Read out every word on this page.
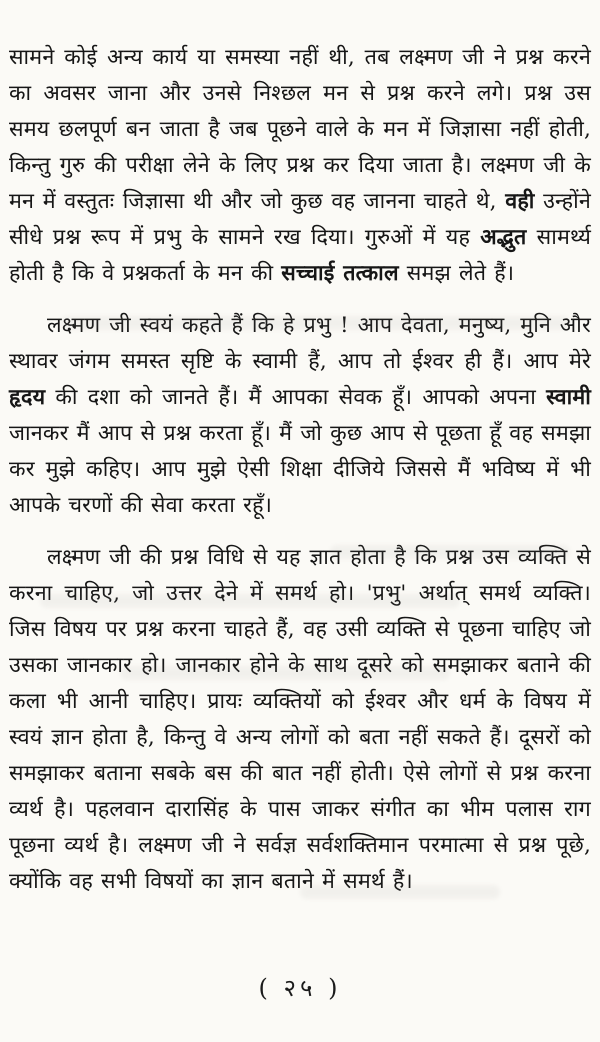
सामने कोई अन्य कार्य या समस्या नहीं थी, तब लक्ष्मण जी ने प्रश्न करने का अवसर जाना और उनसे निश्छल मन से प्रश्न करने लगे। प्रश्न उस समय छलपूर्ण बन जाता है जब पूछने वाले के मन में जिज्ञासा नहीं होती, किन्तु गुरु की परीक्षा लेने के लिए प्रश्न कर दिया जाता है। लक्ष्मण जी के मन में वस्तुतः जिज्ञासा थी और जो कुछ वह जानना चाहते थे, वही उन्होंने सीधे प्रश्न रूप में प्रभु के सामने रख दिया। गुरुओं में यह अद्भुत सामर्थ्य होती है कि वे प्रश्नकर्ता के मन की सच्चाई तत्काल समझ लेते हैं।

लक्ष्मण जी स्वयं कहते हैं कि हे प्रभु ! आप देवता, मनुष्य, मुनि और स्थावर जंगम समस्त सृष्टि के स्वामी हैं, आप तो ईश्वर ही हैं। आप मेरे हृदय की दशा को जानते हैं। मैं आपका सेवक हूँ। आपको अपना स्वामी जानकर मैं आप से प्रश्न करता हूँ। मैं जो कुछ आप से पूछता हूँ वह समझा कर मुझे कहिए। आप मुझे ऐसी शिक्षा दीजिये जिससे मैं भविष्य में भी आपके चरणों की सेवा करता रहूँ।

लक्ष्मण जी की प्रश्न विधि से यह ज्ञात होता है कि प्रश्न उस व्यक्ति से करना चाहिए, जो उत्तर देने में समर्थ हो। 'प्रभु' अर्थात् समर्थ व्यक्ति। जिस विषय पर प्रश्न करना चाहते हैं, वह उसी व्यक्ति से पूछना चाहिए जो उसका जानकार हो। जानकार होने के साथ दूसरे को समझाकर बताने की कला भी आनी चाहिए। प्रायः व्यक्तियों को ईश्वर और धर्म के विषय में स्वयं ज्ञान होता है, किन्तु वे अन्य लोगों को बता नहीं सकते हैं। दूसरों को समझाकर बताना सबके बस की बात नहीं होती। ऐसे लोगों से प्रश्न करना व्यर्थ है। पहलवान दारासिंह के पास जाकर संगीत का भीम पलास राग पूछना व्यर्थ है। लक्ष्मण जी ने सर्वज्ञ सर्वशक्तिमान परमात्मा से प्रश्न पूछे, क्योंकि वह सभी विषयों का ज्ञान बताने में समर्थ हैं।

( २५ )
